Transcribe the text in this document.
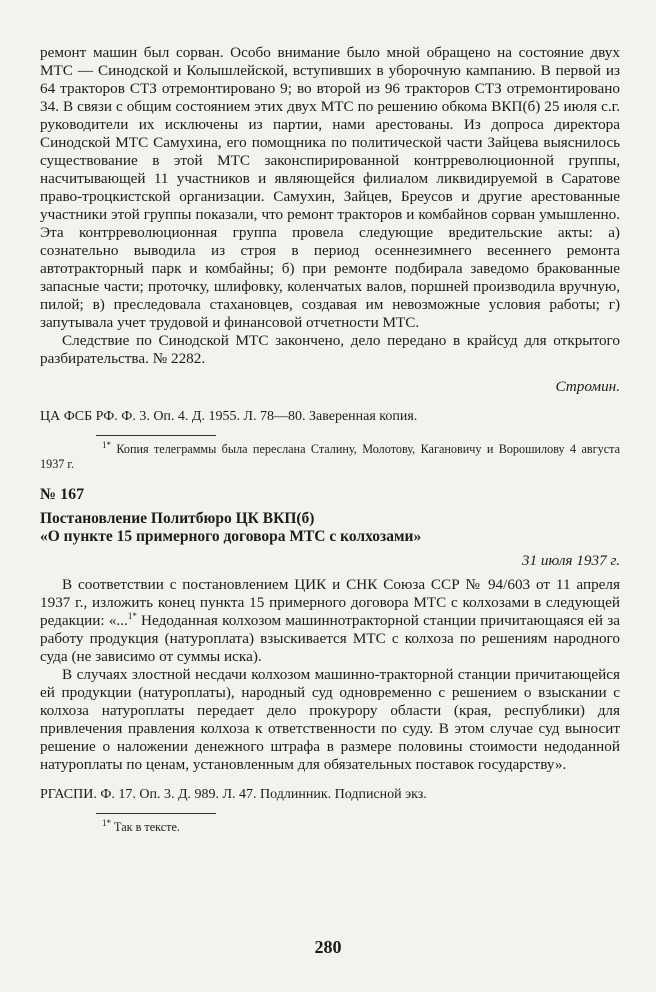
ремонт машин был сорван. Особо внимание было мной обращено на состояние двух МТС — Синодской и Колышлейской, вступивших в уборочную кампанию. В первой из 64 тракторов СТЗ отремонтировано 9; во второй из 96 тракторов СТЗ отремонтировано 34. В связи с общим состоянием этих двух МТС по решению обкома ВКП(б) 25 июля с.г. руководители их исключены из партии, нами арестованы. Из допроса директора Синодской МТС Самухина, его помощника по политической части Зайцева выяснилось существование в этой МТС законспирированной контрреволюционной группы, насчитывающей 11 участников и являющейся филиалом ликвидируемой в Саратове право-троцкистской организации. Самухин, Зайцев, Бреусов и другие арестованные участники этой группы показали, что ремонт тракторов и комбайнов сорван умышленно. Эта контрреволюционная группа провела следующие вредительские акты: а) сознательно выводила из строя в период осеннезимнего весеннего ремонта автотракторный парк и комбайны; б) при ремонте подбирала заведомо бракованные запасные части; проточку, шлифовку, коленчатых валов, поршней производила вручную, пилой; в) преследовала стахановцев, создавая им невозможные условия работы; г) запутывала учет трудовой и финансовой отчетности МТС.

Следствие по Синодской МТС закончено, дело передано в крайсуд для открытого разбирательства. № 2282.

Стромин.

ЦА ФСБ РФ. Ф. 3. Оп. 4. Д. 1955. Л. 78—80. Заверенная копия.

$^{1*}$ Копия телеграммы была переслана Сталину, Молотову, Кагановичу и Ворошилову 4 августа 1937 г.

№ 167

Постановление Политбюро ЦК ВКП(б)
«О пункте 15 примерного договора МТС с колхозами»

31 июля 1937 г.

В соответствии с постановлением ЦИК и СНК Союза ССР № 94/603 от 11 апреля 1937 г., изложить конец пункта 15 примерного договора МТС с колхозами в следующей редакции: «...$^{1*}$ Недоданная колхозом машиннотракторной станции причитающаяся ей за работу продукция (натуроплата) взыскивается МТС с колхоза по решениям народного суда (не зависимо от суммы иска).

В случаях злостной несдачи колхозом машинно-тракторной станции причитающейся ей продукции (натуроплаты), народный суд одновременно с решением о взыскании с колхоза натуроплаты передает дело прокурору области (края, республики) для привлечения правления колхоза к ответственности по суду. В этом случае суд выносит решение о наложении денежного штрафа в размере половины стоимости недоданной натуроплаты по ценам, установленным для обязательных поставок государству».

РГАСПИ. Ф. 17. Оп. 3. Д. 989. Л. 47. Подлинник. Подписной экз.

$^{1*}$ Так в тексте.

280
